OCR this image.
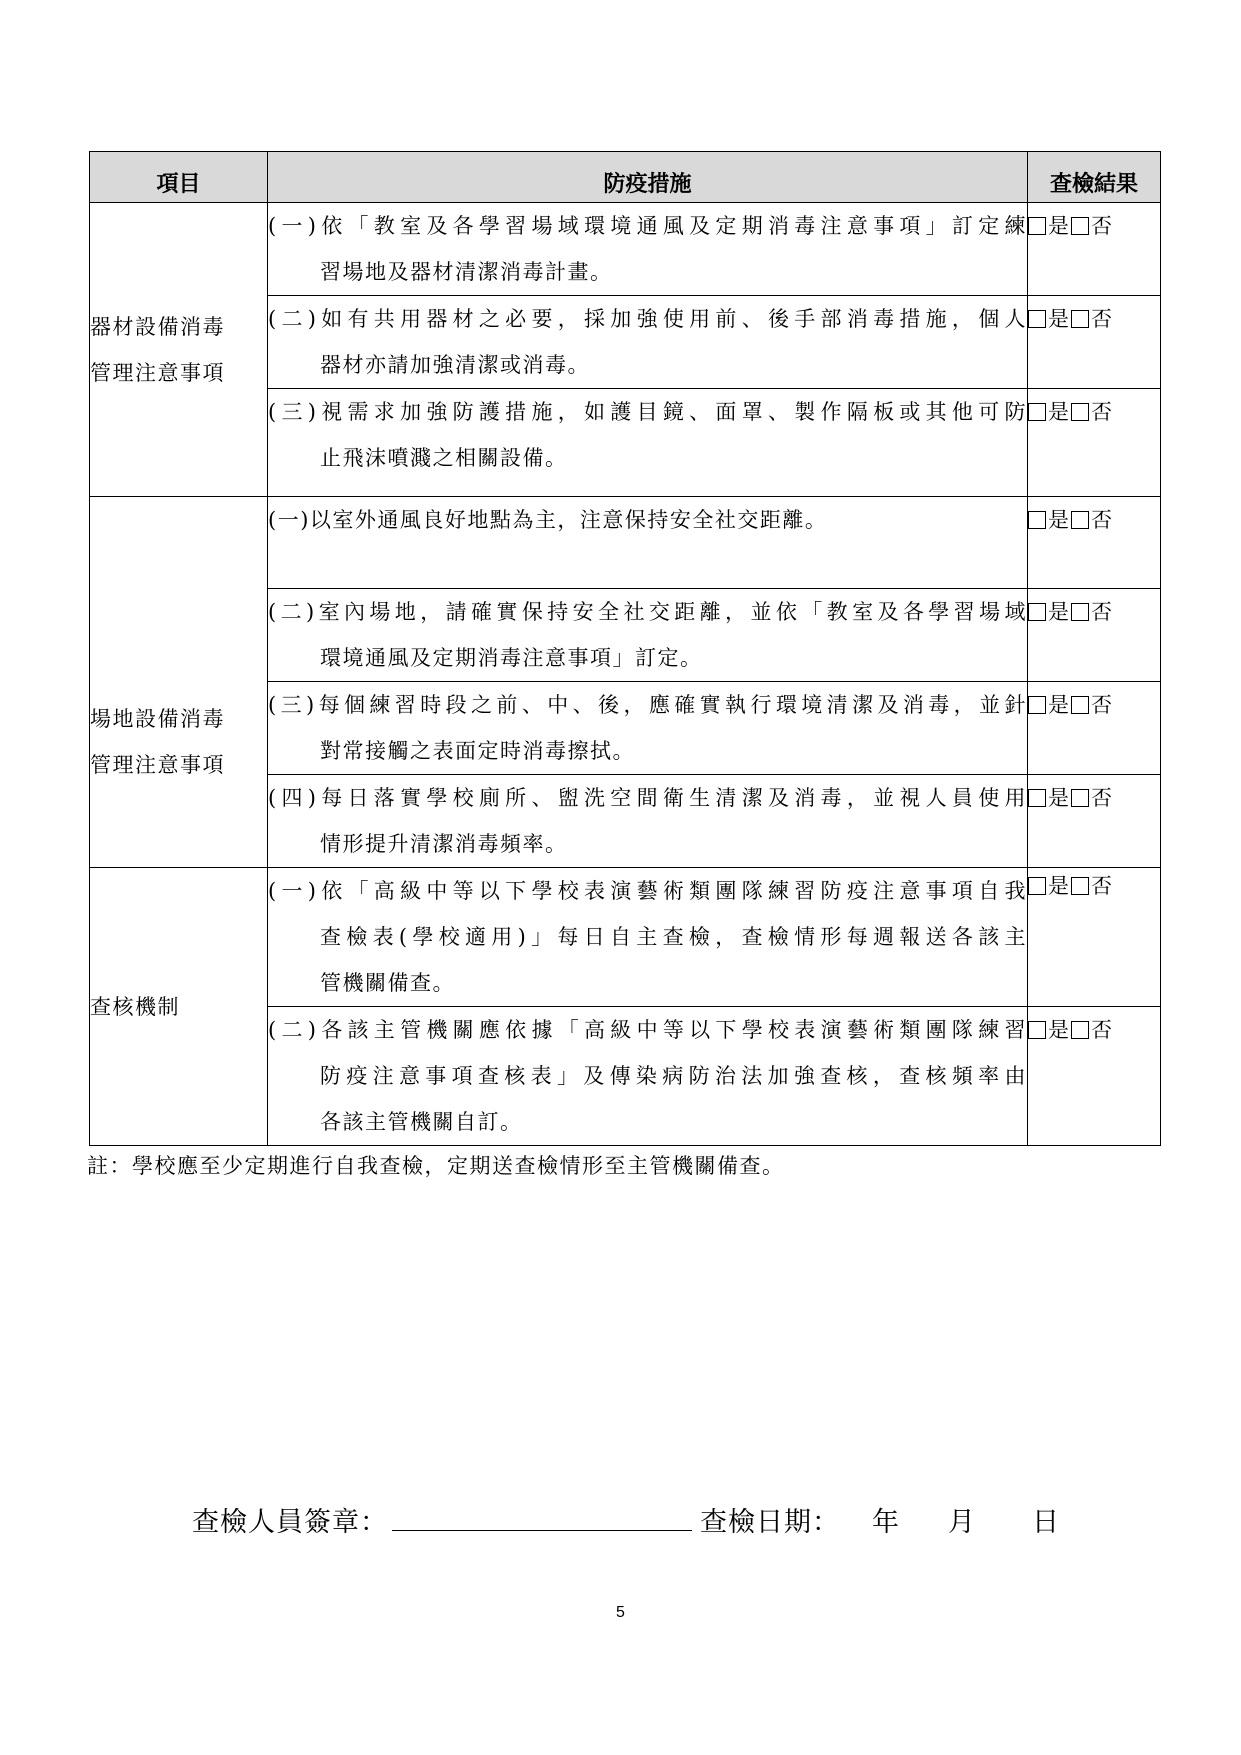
項目	防疫措施	查檢結果

器材設備消毒
管理注意事項	(一)依「教室及各學習場域環境通風及定期消毒注意事項」訂定練
習場地及器材清潔消毒計畫。	是 否

	(二)如有共用器材之必要，採加強使用前、後手部消毒措施，個人
器材亦請加強清潔或消毒。	是 否

	(三)視需求加強防護措施，如護目鏡、面罩、製作隔板或其他可防
止飛沫噴濺之相關設備。	是 否

場地設備消毒
管理注意事項	(一)以室外通風良好地點為主，注意保持安全社交距離。	是 否

	(二)室內場地，請確實保持安全社交距離，並依「教室及各學習場域
環境通風及定期消毒注意事項」訂定。	是 否

	(三)每個練習時段之前、中、後，應確實執行環境清潔及消毒，並針
對常接觸之表面定時消毒擦拭。	是 否

	(四)每日落實學校廁所、盥洗空間衛生清潔及消毒，並視人員使用
情形提升清潔消毒頻率。	是 否

查核機制	(一)依「高級中等以下學校表演藝術類團隊練習防疫注意事項自我
查檢表(學校適用)」每日自主查檢，查檢情形每週報送各該主
管機關備查。	是 否

	(二)各該主管機關應依據「高級中等以下學校表演藝術類團隊練習
防疫注意事項查核表」及傳染病防治法加強查核，查核頻率由
各該主管機關自訂。	是 否
註：學校應至少定期進行自我查檢，定期送查檢情形至主管機關備查。
查檢人員簽章：	查檢日期： 年 月 日
5
